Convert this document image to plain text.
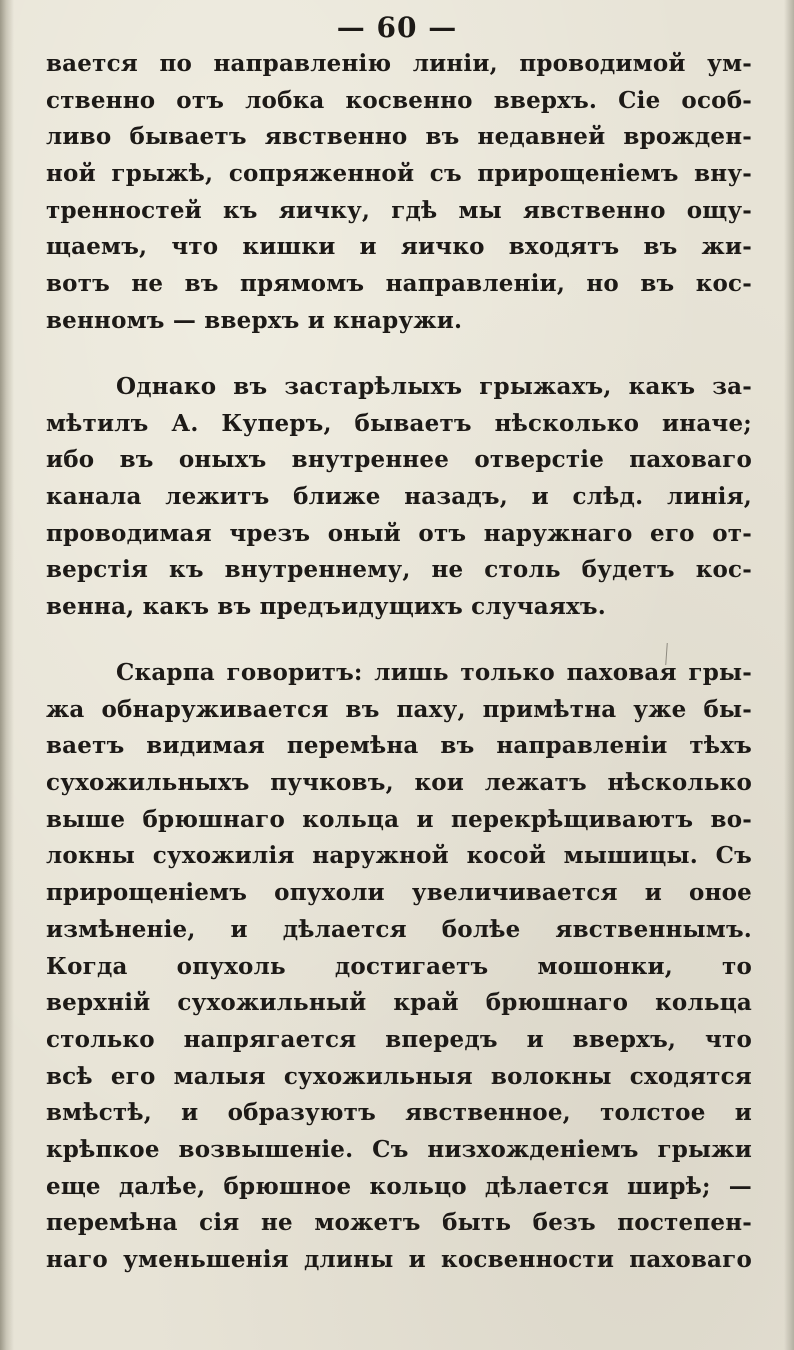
— 60 —
вается по направленію линіи, проводимой ум-
ственно отъ лобка косвенно вверхъ. Сіе особ-
ливо бываетъ явственно въ недавней врожден-
ной грыжѣ, сопряженной съ прирощеніемъ вну-
тренностей къ яичку, гдѣ мы явственно ощу-
щаемъ, что кишки и яичко входятъ въ жи-
вотъ не въ прямомъ направленіи, но въ кос-
венномъ — вверхъ и кнаружи.
Однако въ застарѣлыхъ грыжахъ, какъ за-
мѣтилъ А. Куперъ, бываетъ нѣсколько иначе;
ибо въ оныхъ внутреннее отверстіе паховаго
канала лежитъ ближе назадъ, и слѣд. линія,
проводимая чрезъ оный отъ наружнаго его от-
верстія къ внутреннему, не столь будетъ кос-
венна, какъ въ предъидущихъ случаяхъ.
Скарпа говоритъ: лишь только паховая гры-
жа обнаруживается въ паху, примѣтна уже бы-
ваетъ видимая перемѣна въ направленіи тѣхъ
сухожильныхъ пучковъ, кои лежатъ нѣсколько
выше брюшнаго кольца и перекрѣщиваютъ во-
локны сухожилія наружной косой мышицы. Съ
прирощеніемъ опухоли увеличивается и оное
измѣненіе, и дѣлается болѣе явственнымъ.
Когда опухоль достигаетъ мошонки, то
верхній сухожильный край брюшнаго кольца
столько напрягается впередъ и вверхъ, что
всѣ его малыя сухожильныя волокны сходятся
вмѣстѣ, и образуютъ явственное, толстое и
крѣпкое возвышеніе. Съ низхожденіемъ грыжи
еще далѣе, брюшное кольцо дѣлается ширѣ; —
перемѣна сія не можетъ быть безъ постепен-
наго уменьшенія длины и косвенности паховаго
